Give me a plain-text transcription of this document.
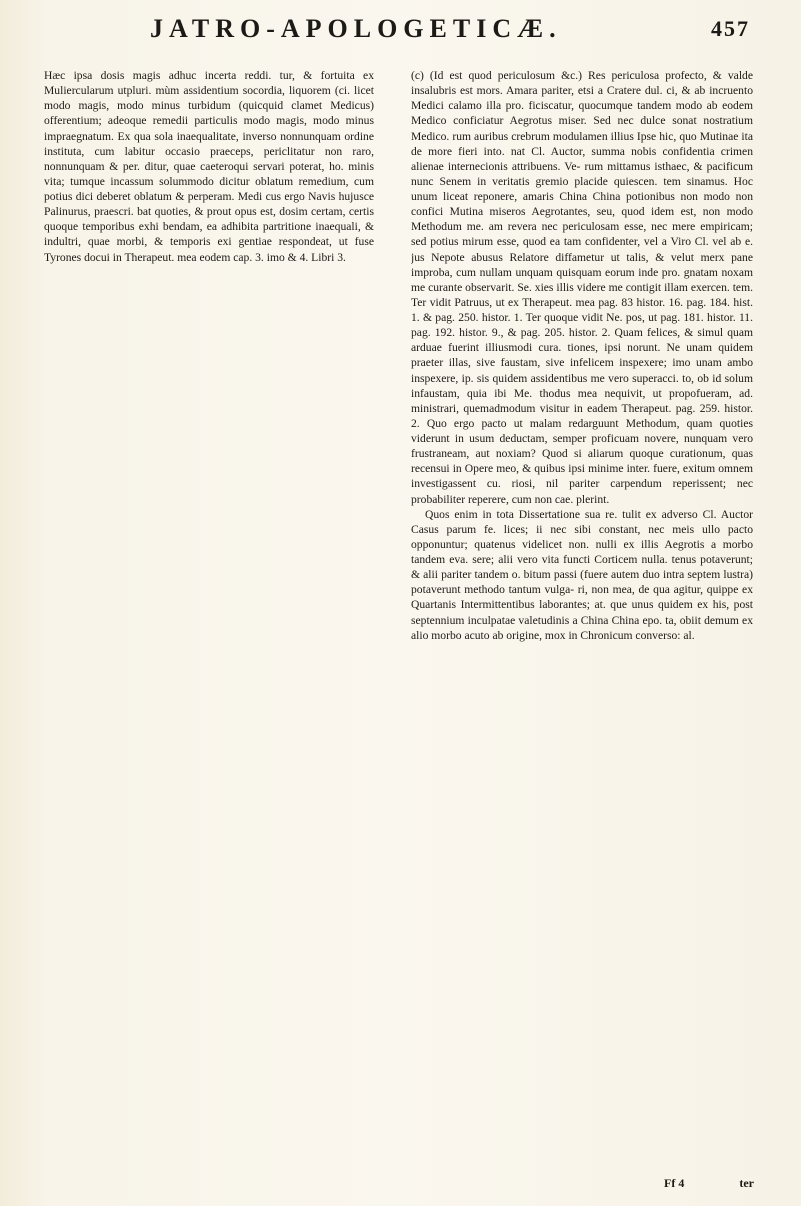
JATRO-APOLOGETICÆ.	457

Hæc ipsa dosis magis adhuc incerta reddi. tur, & fortuita ex Muliercularum utpluri. mùm assidentium socordia, liquorem (ci. licet modo magis, modo minus turbidum (quicquid clamet Medicus) offerentium; adeoque remedii particulis modo magis, modo minus impraegnatum. Ex qua sola inaequalitate, inverso nonnunquam ordine instituta, cum labitur occasio praeceps, periclitatur non raro, nonnunquam & per. ditur, quae caeteroqui servari poterat, ho. minis vita; tumque incassum solummodo dicitur oblatum remedium, cum potius dici deberet oblatum & perperam. Medi cus ergo Navis hujusce Palinurus, praescri. bat quoties, & prout opus est, dosim certam, certis quoque temporibus exhi bendam, ea adhibita partritione inaequali, & indultri, quae morbi, & temporis exi gentiae respondeat, ut fuse Tyrones docui in Therapeut. mea eodem cap. 3. imo & 4. Libri 3.

(c) (Id est quod periculosum &c.) Res periculosa profecto, & valde insalubris est mors. Amara pariter, etsi a Cratere dul. ci, & ab incruento Medici calamo illa pro. ficiscatur, quocumque tandem modo ab eodem Medico conficiatur Aegrotus miser. Sed nec dulce sonat nostratium Medico. rum auribus crebrum modulamen illius Ipse hic, quo Mutinae ita de more fieri into. nat Cl. Auctor, summa nobis confidentia crimen alienae internecionis attribuens. Ve- rum mittamus isthaec, & pacificum nunc Senem in veritatis gremio placide quiescen. tem sinamus. Hoc unum liceat reponere, amaris China China potionibus non modo non confici Mutina miseros Aegrotantes, seu, quod idem est, non modo Methodum me. am revera nec periculosam esse, nec mere empiricam; sed potius mirum esse, quod ea tam confidenter, vel a Viro Cl. vel ab e. jus Nepote abusus Relatore diffametur ut talis, & velut merx pane improba, cum nullam unquam quisquam eorum inde pro. gnatam noxam me curante observarit. Se. xies illis videre me contigit illam exercen. tem. Ter vidit Patruus, ut ex Therapeut. mea pag. 83 histor. 16. pag. 184. hist. 1. & pag. 250. histor. 1. Ter quoque vidit Ne. pos, ut pag. 181. histor. 11. pag. 192. histor. 9., & pag. 205. histor. 2. Quam felices, & simul quam arduae fuerint illiusmodi cura. tiones, ipsi norunt. Ne unam quidem praeter illas, sive faustam, sive infelicem inspexere; imo unam ambo inspexere, ip. sis quidem assidentibus me vero superacci. to, ob id solum infaustam, quia ibi Me. thodus mea nequivit, ut propofueram, ad. ministrari, quemadmodum visitur in eadem Therapeut. pag. 259. histor. 2. Quo ergo pacto ut malam redarguunt Methodum, quam quoties viderunt in usum deductam, semper proficuam novere, nunquam vero frustraneam, aut noxiam? Quod si aliarum quoque curationum, quas recensui in Opere meo, & quibus ipsi minime inter. fuere, exitum omnem investigassent cu. riosi, nil pariter carpendum reperissent; nec probabiliter reperere, cum non cae. plerint.

Quos enim in tota Dissertatione sua re. tulit ex adverso Cl. Auctor Casus parum fe. lices; ii nec sibi constant, nec meis ullo pacto opponuntur; quatenus videlicet non. nulli ex illis Aegrotis a morbo tandem eva. sere; alii vero vita functi Corticem nulla. tenus potaverunt; & alii pariter tandem o. bitum passi (fuere autem duo intra septem lustra) potaverunt methodo tantum vulga- ri, non mea, de qua agitur, quippe ex Quartanis Intermittentibus laborantes; at. que unus quidem ex his, post septennium inculpatae valetudinis a China China epo. ta, obiit demum ex alio morbo acuto ab origine, mox in Chronicum converso: al.

Ff 4	ter
